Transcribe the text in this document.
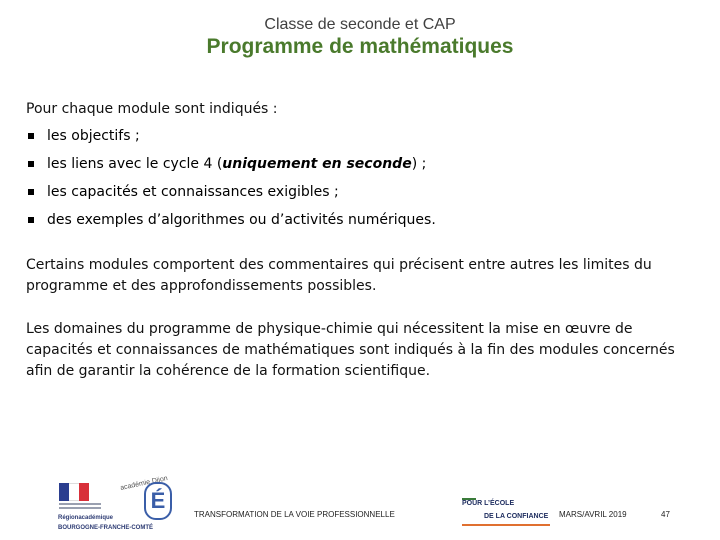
Classe de seconde et CAP
Programme de mathématiques
Pour chaque module sont indiqués :
les objectifs ;
les liens avec le cycle 4 (uniquement en seconde) ;
les capacités et connaissances exigibles ;
des exemples d’algorithmes ou d’activités numériques.
Certains modules comportent des commentaires qui précisent entre autres les limites du programme et des approfondissements possibles.
Les domaines du programme de physique-chimie qui nécessitent la mise en œuvre de capacités et connaissances de mathématiques sont indiqués à la fin des modules concernés afin de garantir la cohérence de la formation scientifique.
Régionacadémique
BOURGOGNE-FRANCHE-COMTÉ
académie Dijon
É
TRANSFORMATION DE LA VOIE PROFESSIONNELLE
POUR L’ÉCOLE
DE LA CONFIANCE MARS/AVRIL 2019	47
